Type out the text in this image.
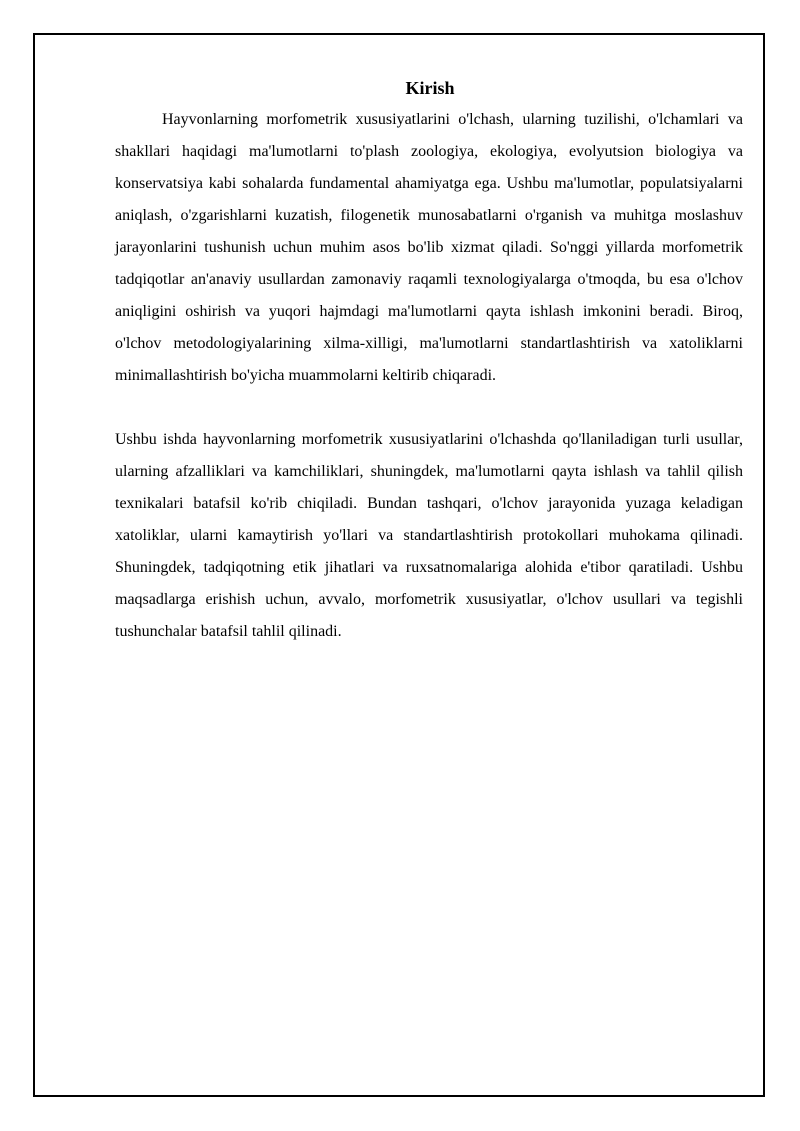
Kirish

Hayvonlarning morfometrik xususiyatlarini o'lchash, ularning tuzilishi, o'lchamlari va shakllari haqidagi ma'lumotlarni to'plash zoologiya, ekologiya, evolyutsion biologiya va konservatsiya kabi sohalarda fundamental ahamiyatga ega. Ushbu ma'lumotlar, populatsiyalarni aniqlash, o'zgarishlarni kuzatish, filogenetik munosabatlarni o'rganish va muhitga moslashuv jarayonlarini tushunish uchun muhim asos bo'lib xizmat qiladi. So'nggi yillarda morfometrik tadqiqotlar an'anaviy usullardan zamonaviy raqamli texnologiyalarga o'tmoqda, bu esa o'lchov aniqligini oshirish va yuqori hajmdagi ma'lumotlarni qayta ishlash imkonini beradi. Biroq, o'lchov metodologiyalarining xilma-xilligi, ma'lumotlarni standartlashtirish va xatoliklarni minimallashtirish bo'yicha muammolarni keltirib chiqaradi.

Ushbu ishda hayvonlarning morfometrik xususiyatlarini o'lchashda qo'llaniladigan turli usullar, ularning afzalliklari va kamchiliklari, shuningdek, ma'lumotlarni qayta ishlash va tahlil qilish texnikalari batafsil ko'rib chiqiladi. Bundan tashqari, o'lchov jarayonida yuzaga keladigan xatoliklar, ularni kamaytirish yo'llari va standartlashtirish protokollari muhokama qilinadi. Shuningdek, tadqiqotning etik jihatlari va ruxsatnomalariga alohida e'tibor qaratiladi. Ushbu maqsadlarga erishish uchun, avvalo, morfometrik xususiyatlar, o'lchov usullari va tegishli tushunchalar batafsil tahlil qilinadi.
